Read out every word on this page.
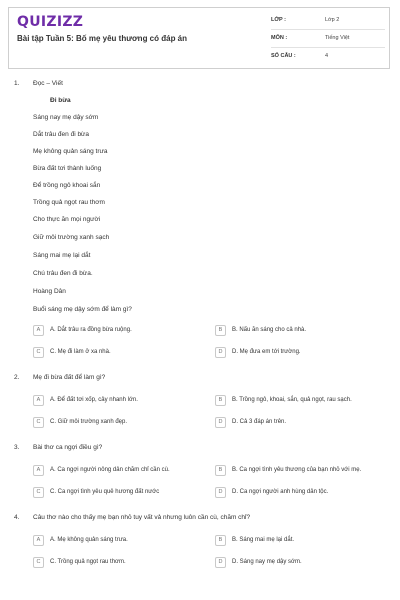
QUIZIZZ
Bài tập Tuần 5: Bố mẹ yêu thương có đáp án
LỚP :	Lớp 2
MÔN :	Tiếng Việt
SỐ CÂU :	4
1. Đọc – Viết
Đi bừa
Sáng nay mẹ dậy sớm
Dắt trâu đen đi bừa
Mẹ không quản sáng trưa
Bừa đất tơi thành luống
Để trồng ngô khoai sắn
Trồng quả ngọt rau thơm
Cho thực ăn mọi người
Giữ môi trường xanh sạch
Sáng mai mẹ lại dắt
Chú trâu đen đi bừa.
Hoàng Dân
Buổi sáng mẹ dậy sớm để làm gì?
A	A. Dắt trâu ra đồng bừa ruộng.	B	B. Nấu ăn sáng cho cả nhà.
C	C. Mẹ đi làm ở xa nhà.	D	D. Mẹ đưa em tới trường.
2. Mẹ đi bừa đất để làm gì?
A	A. Để đất tơi xốp, cây nhanh lớn.	B	B. Trồng ngô, khoai, sắn, quả ngọt, rau sạch.
C	C. Giữ môi trường xanh đẹp.	D	D. Cả 3 đáp án trên.
3. Bài thơ ca ngợi điều gì?
A	A. Ca ngợi người nông dân chăm chỉ cần cù.	B	B. Ca ngợi tình yêu thương của bạn nhỏ với mẹ.
C	C. Ca ngợi tình yêu quê hương đất nước	D	D. Ca ngợi người anh hùng dân tộc.
4. Câu thơ nào cho thấy mẹ bạn nhỏ tuy vất vả nhưng luôn cần cù, chăm chỉ?
A	A. Mẹ không quản sáng trưa.	B	B. Sáng mai mẹ lại dắt.
C	C. Trồng quả ngọt rau thơm.	D	D. Sáng nay mẹ dậy sớm.
